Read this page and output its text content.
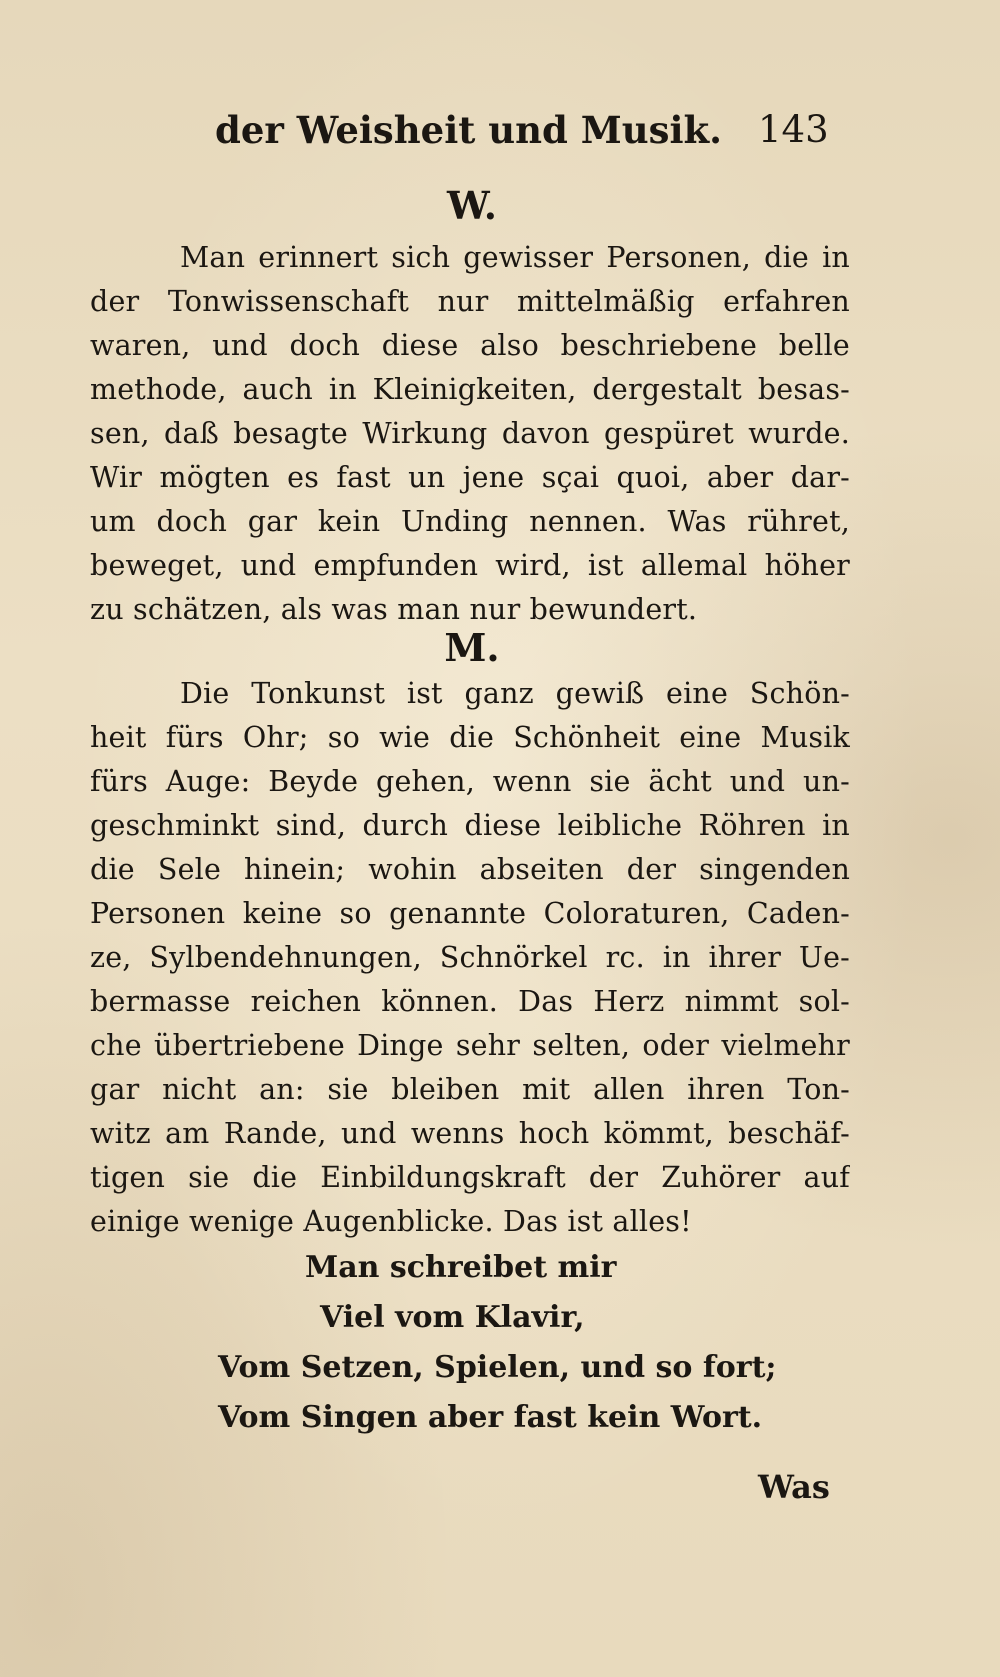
der Weisheit und Musik. 143
W.
Man erinnert sich gewisser Personen, die in
der Tonwissenschaft nur mittelmäßig erfahren
waren, und doch diese also beschriebene belle
methode, auch in Kleinigkeiten, dergestalt besas-
sen, daß besagte Wirkung davon gespüret wurde.
Wir mögten es fast un jene sçai quoi, aber dar-
um doch gar kein Unding nennen. Was rühret,
beweget, und empfunden wird, ist allemal höher
zu schätzen, als was man nur bewundert.
M.
Die Tonkunst ist ganz gewiß eine Schön-
heit fürs Ohr; so wie die Schönheit eine Musik
fürs Auge: Beyde gehen, wenn sie ächt und un-
geschminkt sind, durch diese leibliche Röhren in
die Sele hinein; wohin abseiten der singenden
Personen keine so genannte Coloraturen, Caden-
ze, Sylbendehnungen, Schnörkel rc. in ihrer Ue-
bermasse reichen können. Das Herz nimmt sol-
che übertriebene Dinge sehr selten, oder vielmehr
gar nicht an: sie bleiben mit allen ihren Ton-
witz am Rande, und wenns hoch kömmt, beschäf-
tigen sie die Einbildungskraft der Zuhörer auf
einige wenige Augenblicke. Das ist alles!
Man schreibet mir
Viel vom Klavir,
Vom Setzen, Spielen, und so fort;
Vom Singen aber fast kein Wort.
Was
